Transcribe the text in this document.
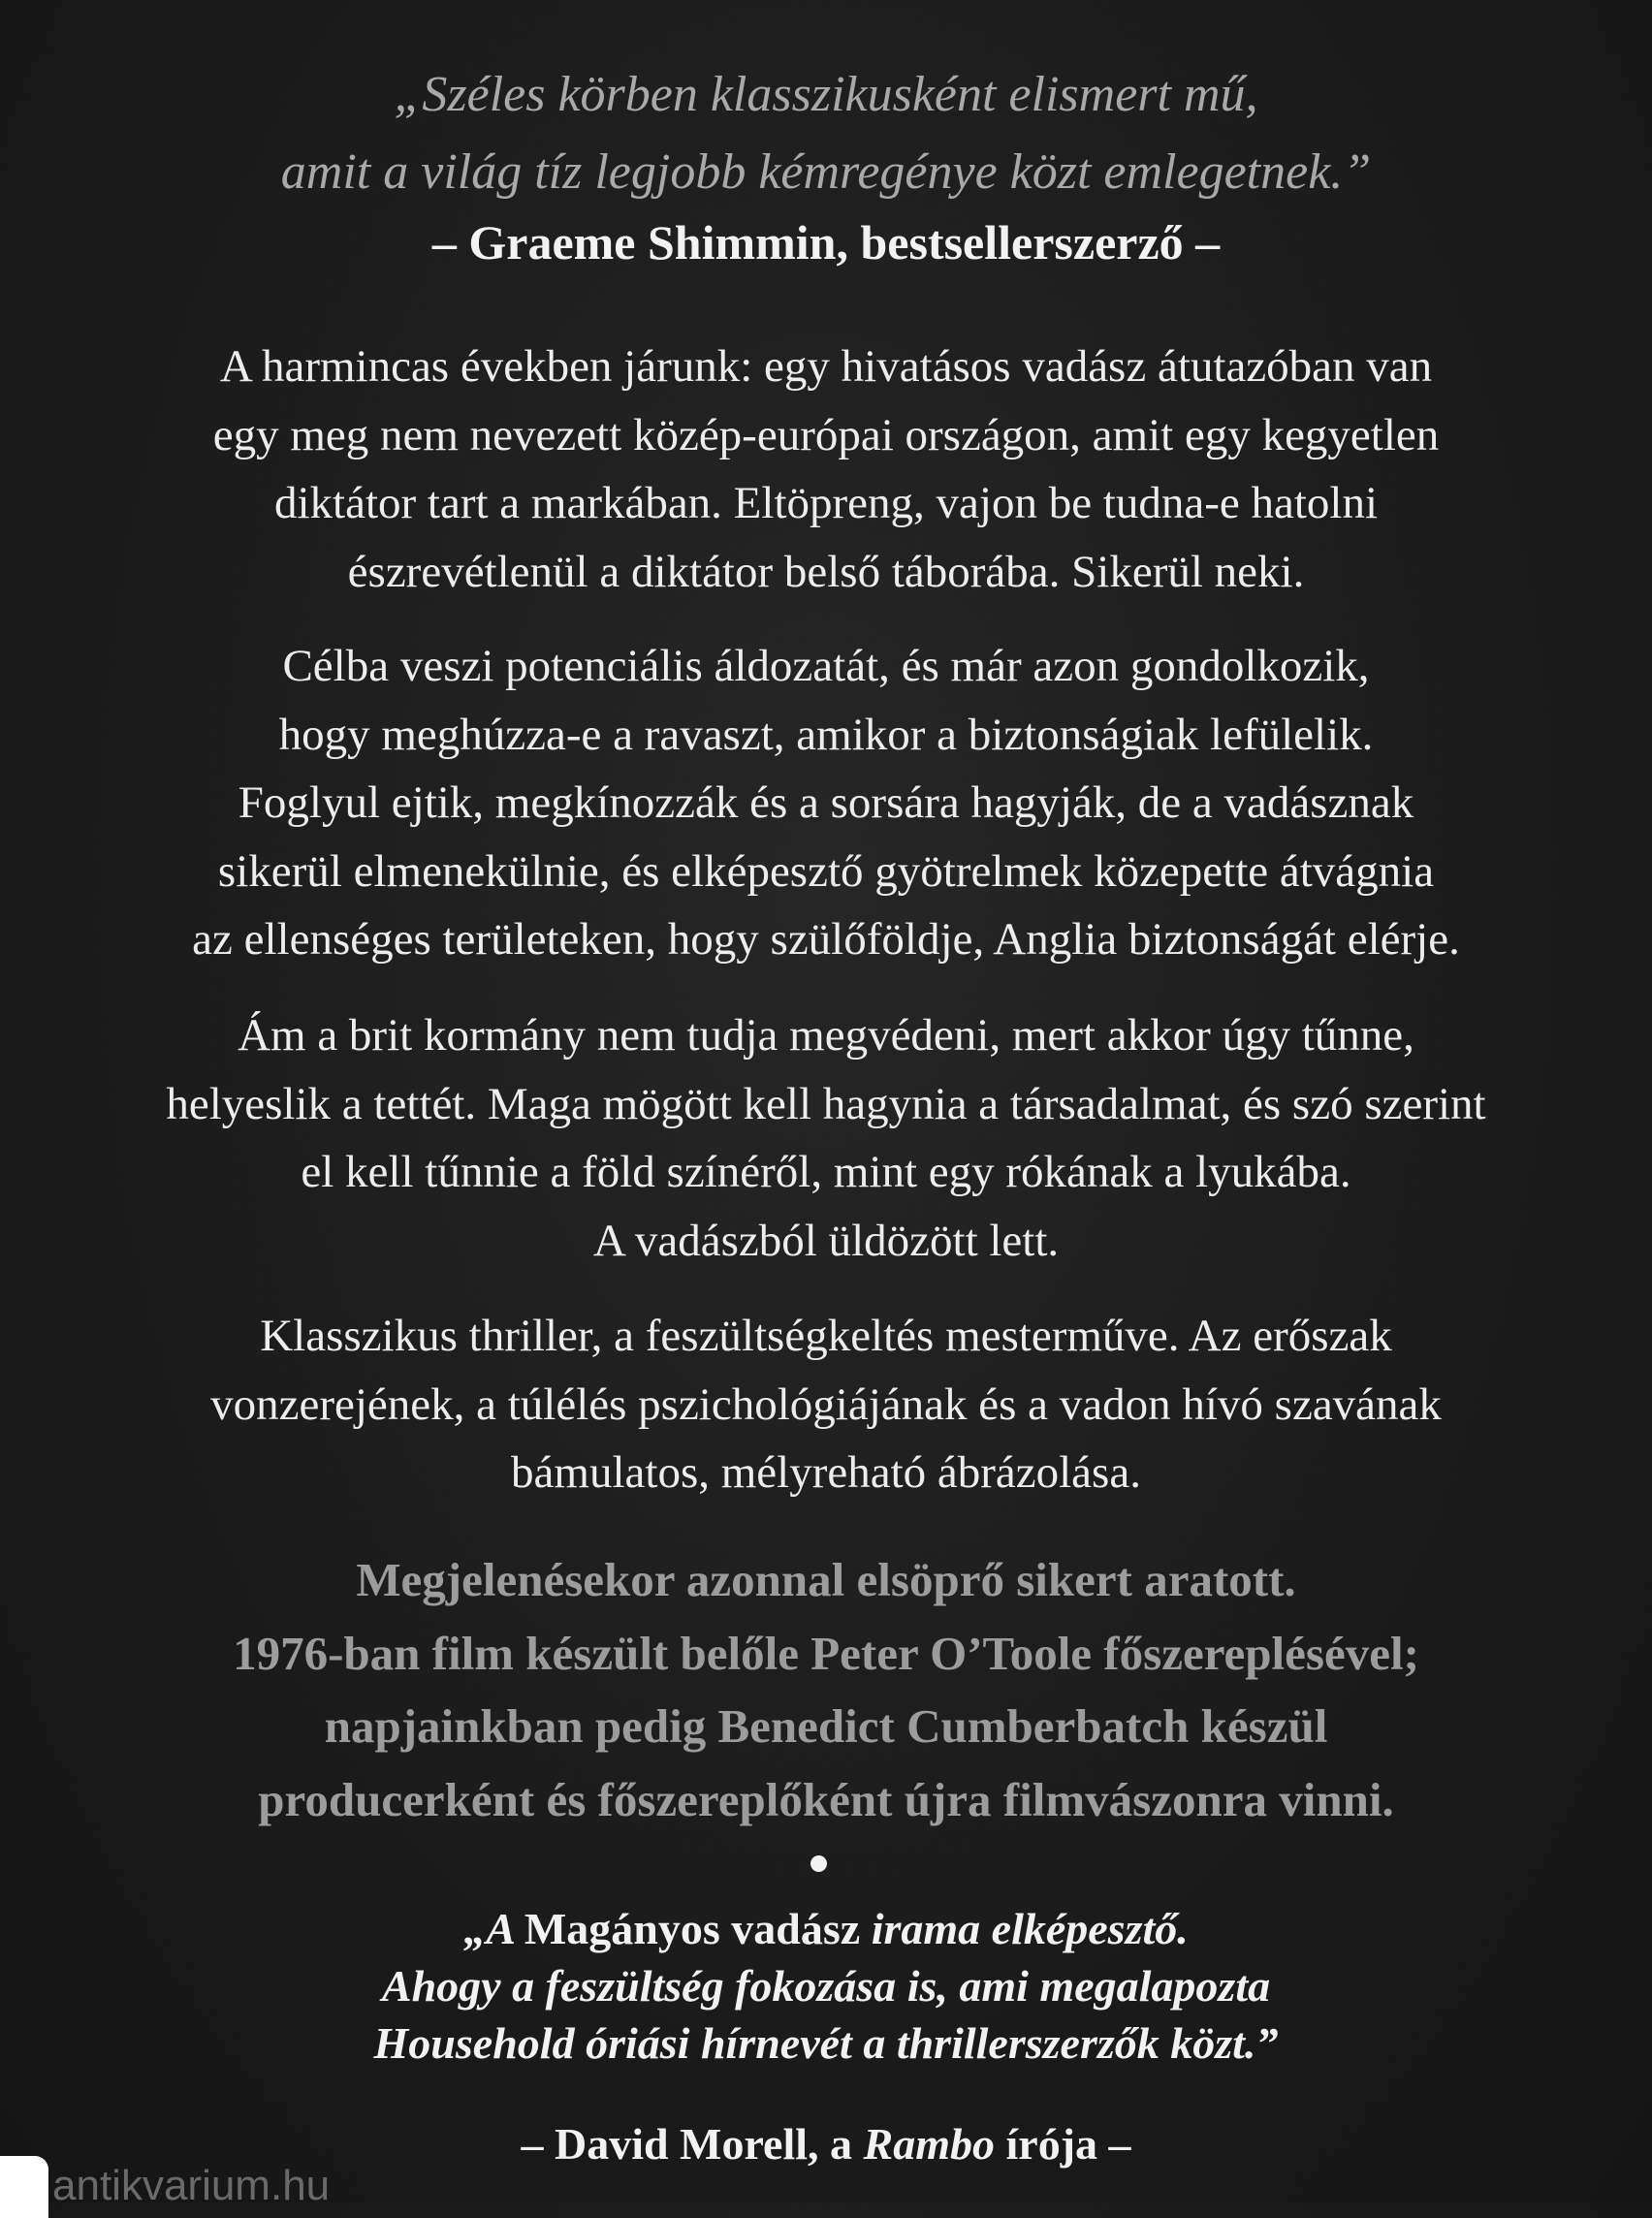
„Széles körben klasszikusként elismert mű,
amit a világ tíz legjobb kémregénye közt emlegetnek.”
– Graeme Shimmin, bestsellerszerző –
A harmincas években járunk: egy hivatásos vadász átutazóban van
egy meg nem nevezett közép-európai országon, amit egy kegyetlen
diktátor tart a markában. Eltöpreng, vajon be tudna-e hatolni
észrevétlenül a diktátor belső táborába. Sikerül neki.
Célba veszi potenciális áldozatát, és már azon gondolkozik,
hogy meghúzza-e a ravaszt, amikor a biztonságiak lefülelik.
Foglyul ejtik, megkínozzák és a sorsára hagyják, de a vadásznak
sikerül elmenekülnie, és elképesztő gyötrelmek közepette átvágnia
az ellenséges területeken, hogy szülőföldje, Anglia biztonságát elérje.
Ám a brit kormány nem tudja megvédeni, mert akkor úgy tűnne,
helyeslik a tettét. Maga mögött kell hagynia a társadalmat, és szó szerint
el kell tűnnie a föld színéről, mint egy rókának a lyukába.
A vadászból üldözött lett.
Klasszikus thriller, a feszültségkeltés mesterműve. Az erőszak
vonzerejének, a túlélés pszichológiájának és a vadon hívó szavának
bámulatos, mélyreható ábrázolása.
Megjelenésekor azonnal elsöprő sikert aratott.
1976-ban film készült belőle Peter O’Toole főszereplésével;
napjainkban pedig Benedict Cumberbatch készül
producerként és főszereplőként újra filmvászonra vinni.
„A Magányos vadász irama elképesztő.
Ahogy a feszültség fokozása is, ami megalapozta
Household óriási hírnevét a thrillerszerzők közt.”
– David Morell, a Rambo írója –
antikvarium.hu
